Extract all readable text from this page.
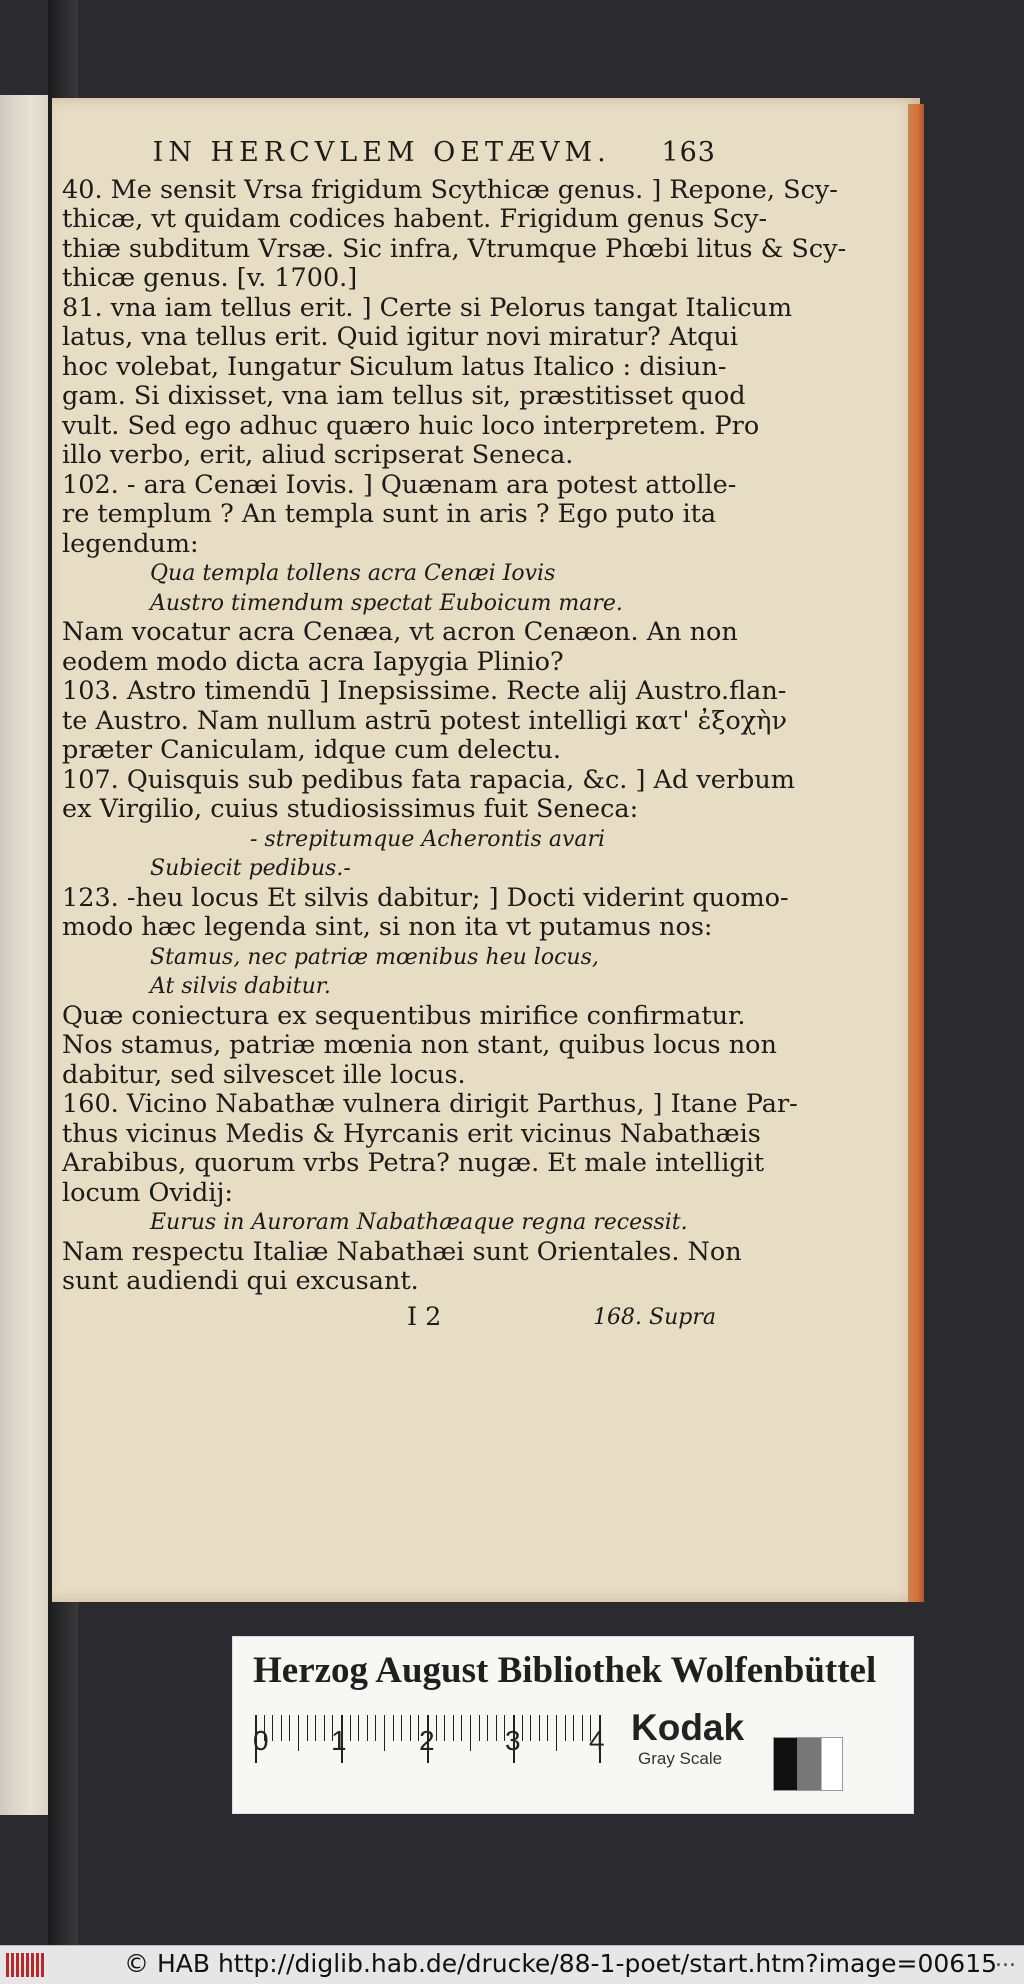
IN HERCVLEM OETÆVM. 163
40. Me sensit Vrsa frigidum Scythicæ genus. ] Repone, Scy-
thicæ, vt quidam codices habent. Frigidum genus Scy-
thiæ subditum Vrsæ. Sic infra, Vtrumque Phœbi litus & Scy-
thicæ genus. [v. 1700.]
81. vna iam tellus erit. ] Certe si Pelorus tangat Italicum
latus, vna tellus erit. Quid igitur novi miratur? Atqui
hoc volebat, Iungatur Siculum latus Italico : disiun-
gam. Si dixisset, vna iam tellus sit, præstitisset quod
vult. Sed ego adhuc quæro huic loco interpretem. Pro
illo verbo, erit, aliud scripserat Seneca.
102. - ara Cenæi Iovis. ] Quænam ara potest attolle-
re templum ? An templa sunt in aris ? Ego puto ita
legendum:
Qua templa tollens acra Cenæi Iovis
Austro timendum spectat Euboicum mare.
Nam vocatur acra Cenæa, vt acron Cenæon. An non
eodem modo dicta acra Iapygia Plinio?
103. Astro timendū ] Inepsissime. Recte alij Austro.flan-
te Austro. Nam nullum astrū potest intelligi κατ' ἐξοχὴν
præter Caniculam, idque cum delectu.
107. Quisquis sub pedibus fata rapacia, &c. ] Ad verbum
ex Virgilio, cuius studiosissimus fuit Seneca:
- strepitumque Acherontis avari
Subiecit pedibus.-
123. -heu locus Et silvis dabitur; ] Docti viderint quomo-
modo hæc legenda sint, si non ita vt putamus nos:
Stamus, nec patriæ mœnibus heu locus,
At silvis dabitur.
Quæ coniectura ex sequentibus mirifice confirmatur.
Nos stamus, patriæ mœnia non stant, quibus locus non
dabitur, sed silvescet ille locus.
160. Vicino Nabathæ vulnera dirigit Parthus, ] Itane Par-
thus vicinus Medis & Hyrcanis erit vicinus Nabathæis
Arabibus, quorum vrbs Petra? nugæ. Et male intelligit
locum Ovidij:
Eurus in Auroram Nabathæaque regna recessit.
Nam respectu Italiæ Nabathæi sunt Orientales. Non
sunt audiendi qui excusant.
I 2	168. Supra
Herzog August Bibliothek Wolfenbüttel
0 1	2	3 4 Kodak
Gray Scale
© HAB http://diglib.hab.de/drucke/88-1-poet/start.htm?image=00615
...
